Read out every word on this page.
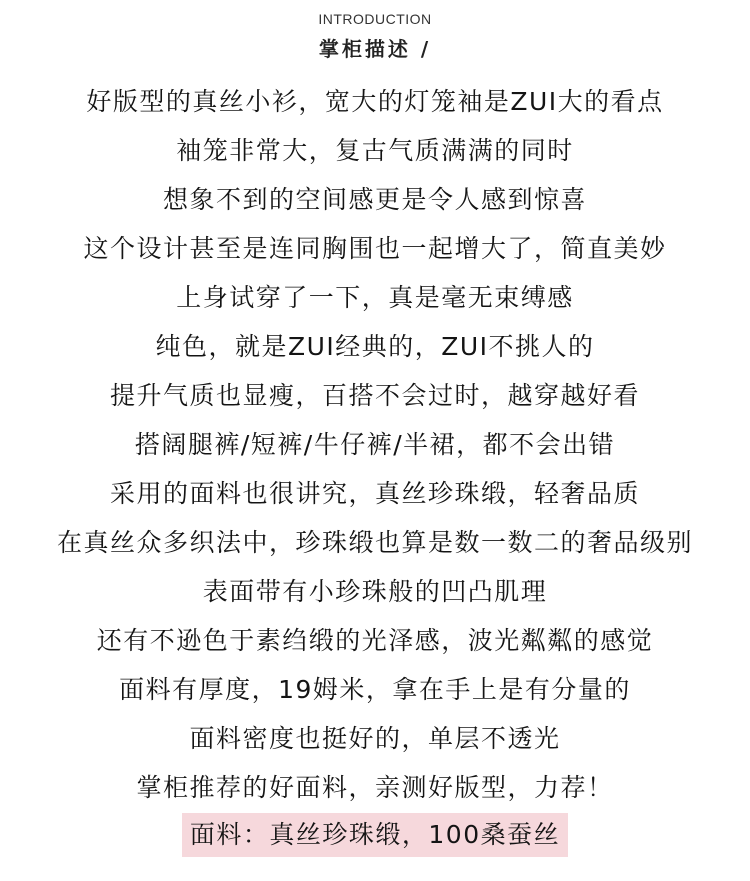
INTRODUCTION
掌柜描述 /
好版型的真丝小衫，宽大的灯笼袖是ZUI大的看点
袖笼非常大，复古气质满满的同时
想象不到的空间感更是令人感到惊喜
这个设计甚至是连同胸围也一起增大了，简直美妙
上身试穿了一下，真是毫无束缚感
纯色，就是ZUI经典的，ZUI不挑人的
提升气质也显瘦，百搭不会过时，越穿越好看
搭阔腿裤/短裤/牛仔裤/半裙，都不会出错
采用的面料也很讲究，真丝珍珠缎，轻奢品质
在真丝众多织法中，珍珠缎也算是数一数二的奢品级别
表面带有小珍珠般的凹凸肌理
还有不逊色于素绉缎的光泽感，波光粼粼的感觉
面料有厚度，19姆米，拿在手上是有分量的
面料密度也挺好的，单层不透光
掌柜推荐的好面料，亲测好版型，力荐！
面料：真丝珍珠缎，100桑蚕丝
